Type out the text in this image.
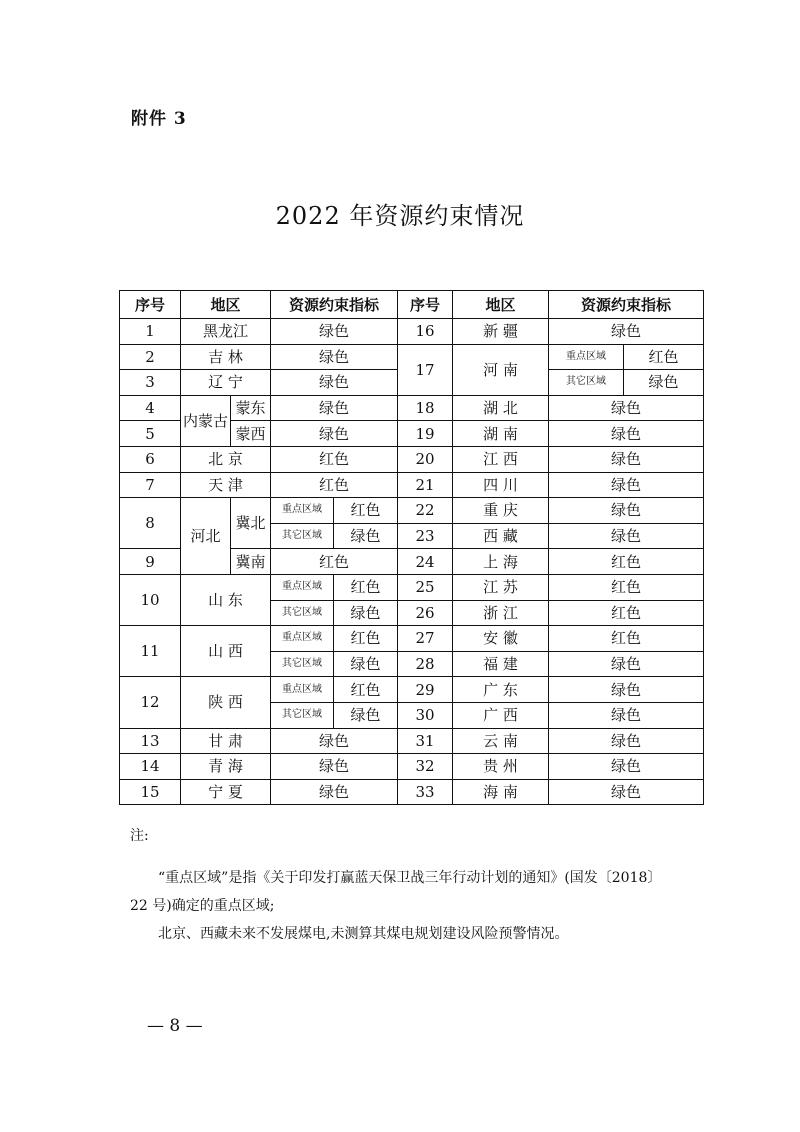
附件 3
2022 年资源约束情况
序号	地区		资源约束指标		序号	地区	资源约束指标	
1	黑龙江		绿色		16	新 疆	绿色	
2	吉 林		绿色		17	河 南	重点区域	红色
3	辽 宁		绿色				其它区域	绿色
4	内蒙古	蒙东	绿色		18	湖 北	绿色	
5		蒙西	绿色		19	湖 南	绿色	
6	北 京		红色		20	江 西	绿色	
7	天 津		红色		21	四 川	绿色	
8	河北	冀北	重点区域	红色	22	重 庆	绿色	
			其它区域	绿色	23	西 藏	绿色	
9		冀南	红色		24	上 海	红色	
10	山 东		重点区域	红色	25	江 苏	红色	
			其它区域	绿色	26	浙 江	红色	
11	山 西		重点区域	红色	27	安 徽	红色	
			其它区域	绿色	28	福 建	绿色	
12	陕 西		重点区域	红色	29	广 东	绿色	
			其它区域	绿色	30	广 西	绿色	
13	甘 肃		绿色		31	云 南	绿色	
14	青 海		绿色		32	贵 州	绿色	
15	宁 夏		绿色		33	海 南	绿色	
注:
“重点区域”是指《关于印发打赢蓝天保卫战三年行动计划的通知》(国发〔2018〕22 号)确定的重点区域;
北京、西藏未来不发展煤电,未测算其煤电规划建设风险预警情况。
— 8 —
